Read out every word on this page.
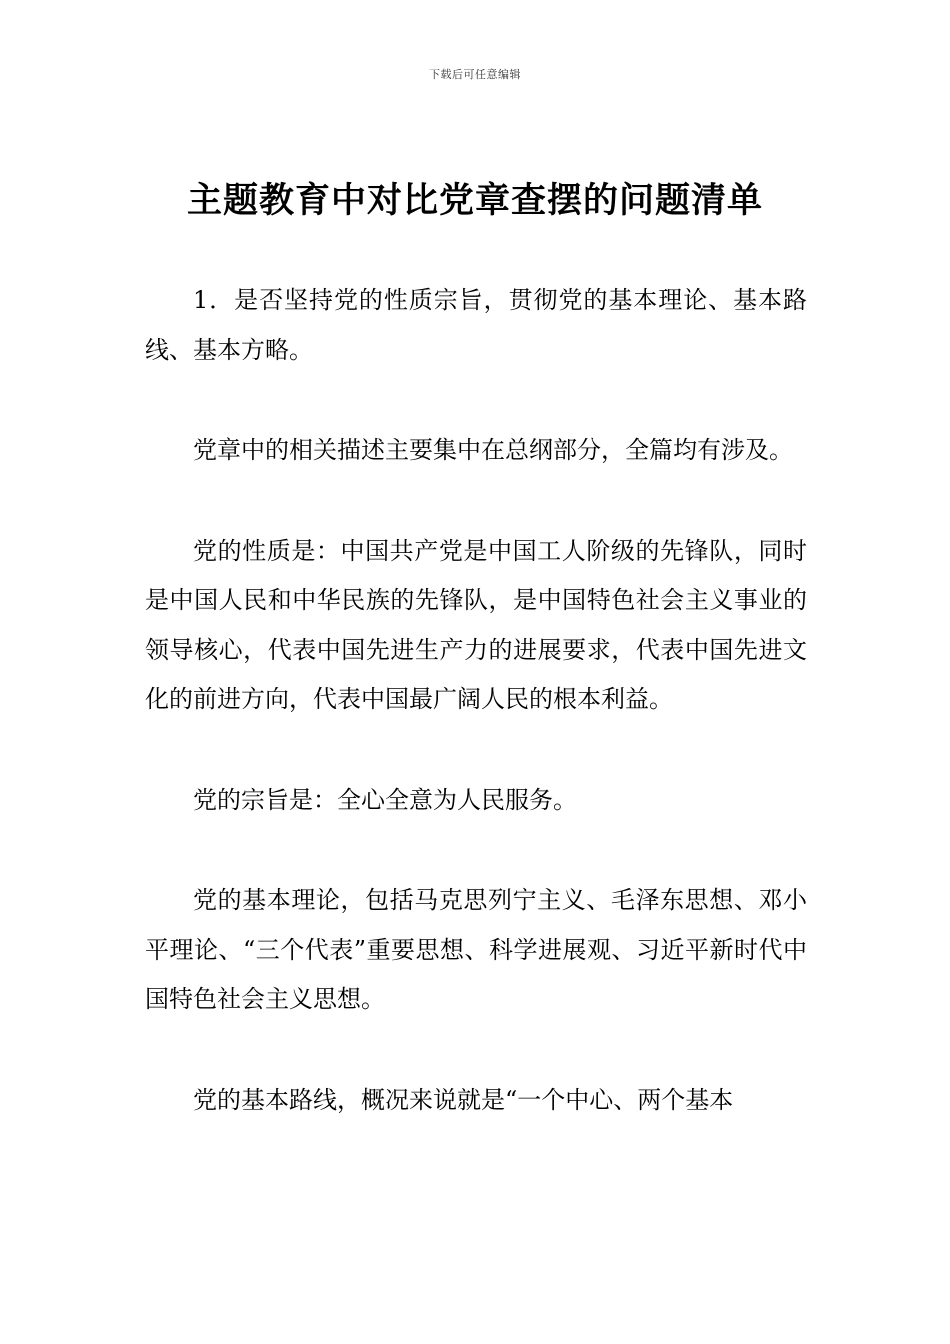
下载后可任意编辑
主题教育中对比党章查摆的问题清单

1．是否坚持党的性质宗旨，贯彻党的基本理论、基本路线、基本方略。

党章中的相关描述主要集中在总纲部分，全篇均有涉及。

党的性质是：中国共产党是中国工人阶级的先锋队，同时是中国人民和中华民族的先锋队，是中国特色社会主义事业的领导核心，代表中国先进生产力的进展要求，代表中国先进文化的前进方向，代表中国最广阔人民的根本利益。

党的宗旨是：全心全意为人民服务。

党的基本理论，包括马克思列宁主义、毛泽东思想、邓小平理论、“三个代表”重要思想、科学进展观、习近平新时代中国特色社会主义思想。

党的基本路线，概况来说就是“一个中心、两个基本
